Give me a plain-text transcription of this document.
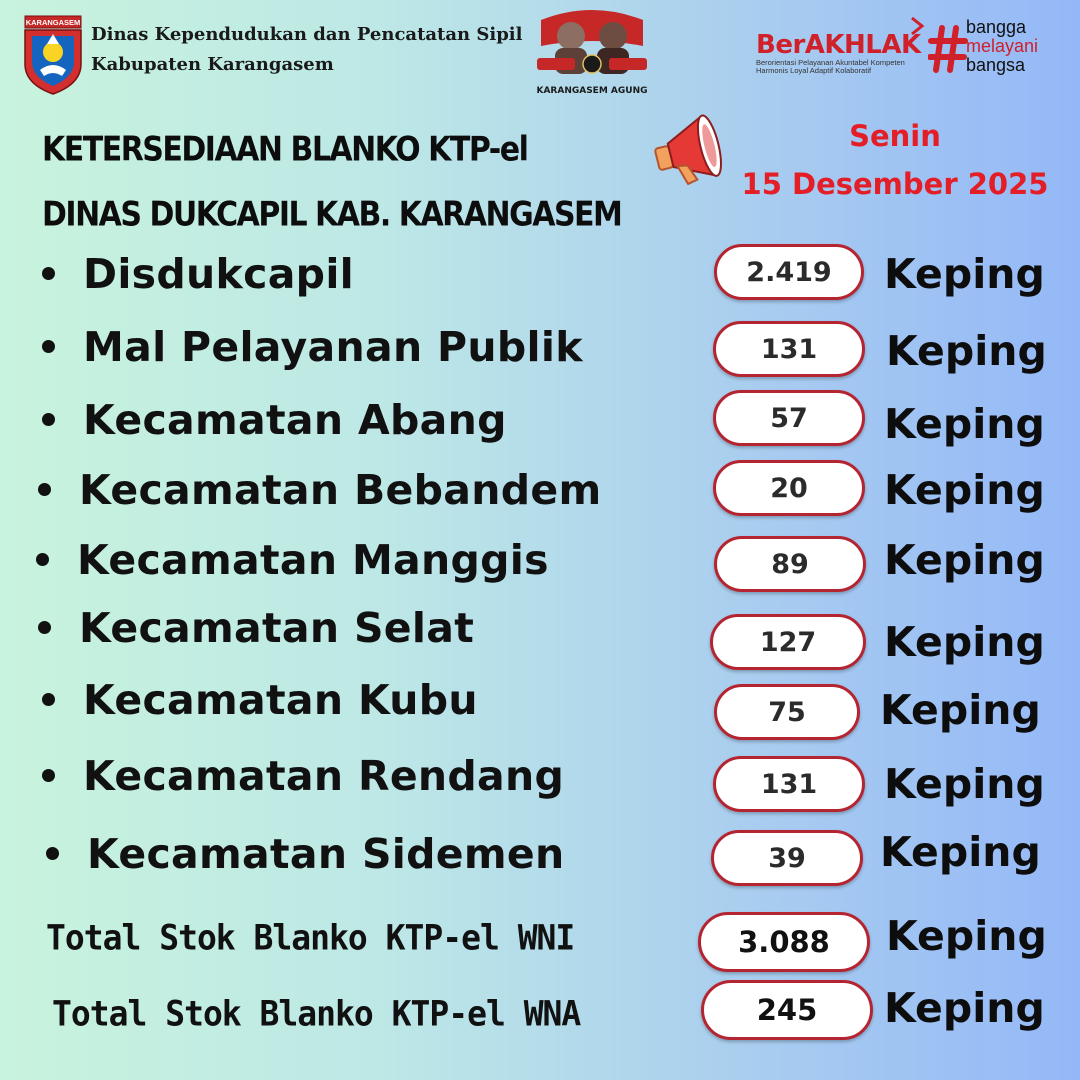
KARANGASEM
Dinas Kependudukan dan Pencatatan Sipil
Kabupaten Karangasem
KARANGASEM AGUNG
BerAKHLAK
Berorientasi Pelayanan Akuntabel Kompeten
Harmonis Loyal Adaptif Kolaboratif
bangga
melayani
bangsa
KETERSEDIAAN BLANKO KTP-el
DINAS DUKCAPIL KAB. KARANGASEM
Senin
15 Desember 2025
Disdukcapil	2.419	Keping
Mal Pelayanan Publik	131	Keping
Kecamatan Abang	57	Keping
Kecamatan Bebandem	20	Keping
Kecamatan Manggis	89	Keping
Kecamatan Selat	127	Keping
Kecamatan Kubu	75	Keping
Kecamatan Rendang	131	Keping
Kecamatan Sidemen	39	Keping
Total Stok Blanko KTP-el WNI	3.088	Keping
Total Stok Blanko KTP-el WNA	245	Keping
